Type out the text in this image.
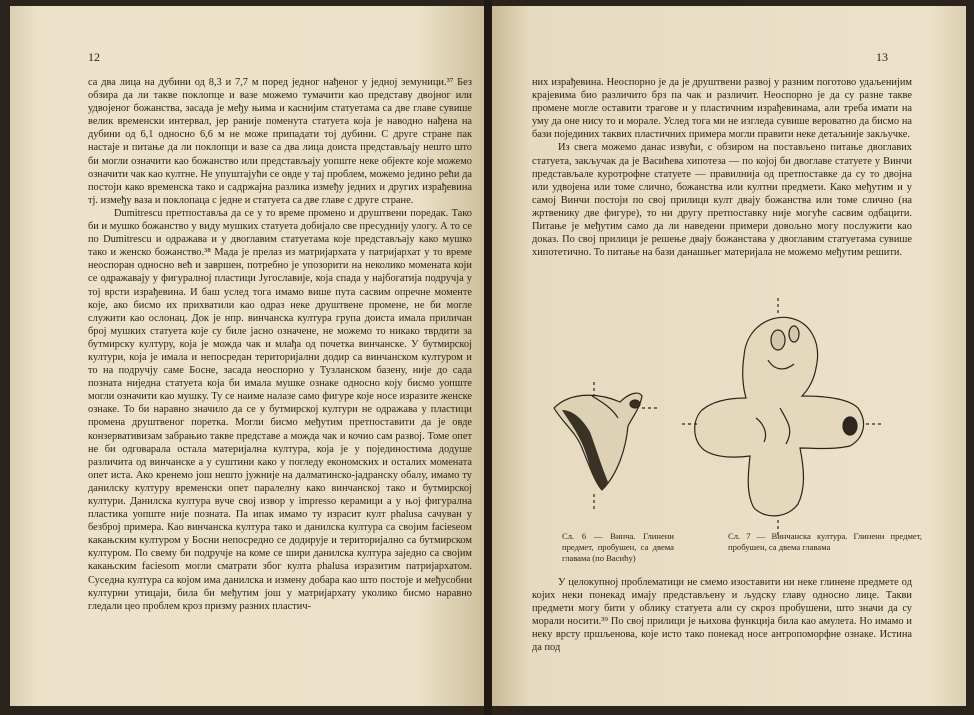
12

са два лица на дубини од 8,3 и 7,7 м поред једног нађеног у једној земуници.³⁷ Без обзира да ли такве поклопце и вазе можемо тумачити као представу двојног или удвојеног божанства, засада је међу њима и каснијим статуетама са две главе сувише велик временски интервал, јер раније поменута статуета која је наводно нађена на дубини од 6,1 односно 6,6 м не може припадати тој дубини. С друге стране пак настаје и питање да ли поклопци и вазе са два лица доиста представљају нешто што би могли означити као божанство или представљају уопште неке објекте које можемо означити чак као култне. Не упуштајући се овде у тај проблем, можемо једино рећи да постоји како временска тако и садржајна разлика између једних и других израђевина тј. између ваза и поклопаца с једне и статуета са две главе с друге стране.

Dumitrescu претпоставља да се у то време промено и друштвени поредак. Тако би и мушко божанство у виду мушких статуета добијало све пресуднију улогу. А то се по Dumitrescu и одражава и у двоглавим статуетама које представљају како мушко тако и женско божанство.³⁸ Мада је прелаз из матријархата у патријархат у то време неоспоран односно већ и завршен, потребно је упозорити на неколико момената који се одражавају у фигуралној пластици Југославије, која спада у најбогатија подручја у тој врсти израђевина. И баш услед тога имамо више пута сасвим опречне моменте које, ако бисмо их прихватили као одраз неке друштвене промене, не би могле служити као ослонац. Док је нпр. винчанска култура група доиста имала приличан број мушких статуета које су биле јасно означене, не можемо то никако тврдити за бутмирску културу, која је можда чак и млађа од почетка винчанске. У бутмирској култури, која је имала и непосредан територијални додир са винчанском културом и то на подручју саме Босне, засада неоспорно у Тузланском базену, није до сада позната ниједна статуета која би имала мушке ознаке односно коју бисмо уопште могли означити као мушку. Ту се наиме налазе само фигуре које носе изразите женске ознаке. То би наравно значило да се у бутмирској култури не одражава у пластици промена друштвеног поретка. Могли бисмо међутим претпоставити да је овде конзервативизам забрањио такве представе а можда чак и кочио сам развој. Томе опет не би одговарала остала материјална култура, која је у појединостима додуше различита од винчанске а у суштини како у погледу економских и осталих момената опет иста. Ако кренемо још нешто јужније на далматинско-јадранску обалу, имамо ту данилску културу временски опет паралелну како винчанској тако и бутмирској култури. Данилска култура вуче свој извор у impresso керамици а у њој фигурална пластика уопште није позната. Па ипак имамо ту израсит култ phalusa сачуван у безброј примера. Као винчанска култура тако и данилска култура са својим facieseом какањским културом у Босни непосредно се додирује и територијално са бутмирском културом. По свему би подручје на коме се шири данилска култура заједно са својим какањским faciesom могли сматрати због култа phalusa изразитим патријархатом. Суседна култура са којом има данилска и измену добара као што постоје и међусобни културни утицаји, била би међутим још у матријархату уколико бисмо наравно гледали цео проблем кроз призму разних пластич-

13

них израђевина. Неоспорно је да је друштвени развој у разним поготово удаљенијим крајевима био различито брз па чак и различит. Неоспорно је да су разне такве промене могле оставити трагове и у пластичним израђевинама, али треба имати на уму да оне нису то и морале. Услед тога ми не изгледа сувише вероватно да бисмо на бази појединих таквих пластичних примера могли правити неке детаљније закључке.

Из свега можемо данас извући, с обзиром на постављено питање двоглавих статуета, закључак да је Васићева хипотеза — по којој би двоглаве статуете у Винчи представљале куротрофне статуете — правилнија од претпоставке да су то двојна или удвојена или томе слично, божанства или култни предмети. Како међутим и у самој Винчи постоји по свој прилици култ двају божанства или томе слично (на жртвенику две фигуре), то ни другу претпоставку није могуће сасвим одбацити. Питање је међутим само да ли наведени примери довољно могу послужити као доказ. По свој прилици је решење двају божанстава у двоглавим статуетама сувише хипотетично. То питање на бази данашњег материјала не можемо међутим решити.

Сл. 6 — Винча. Глинени предмет, пробушен, са двема главама (по Васићу)
Сл. 7 — Винчанска култура. Глинени предмет, пробушен, са двема главама

У целокупној проблематици не смемо изоставити ни неке глинене предмете од којих неки понекад имају представљену и људску главу односно лице. Такви предмети могу бити у облику статуета али су скроз пробушени, што значи да су морали носити.³⁹ По свој прилици је њихова функција била као амулета. Но имамо и неку врсту пршљенова, које исто тако понекад носе антропоморфне ознаке. Истина да под
